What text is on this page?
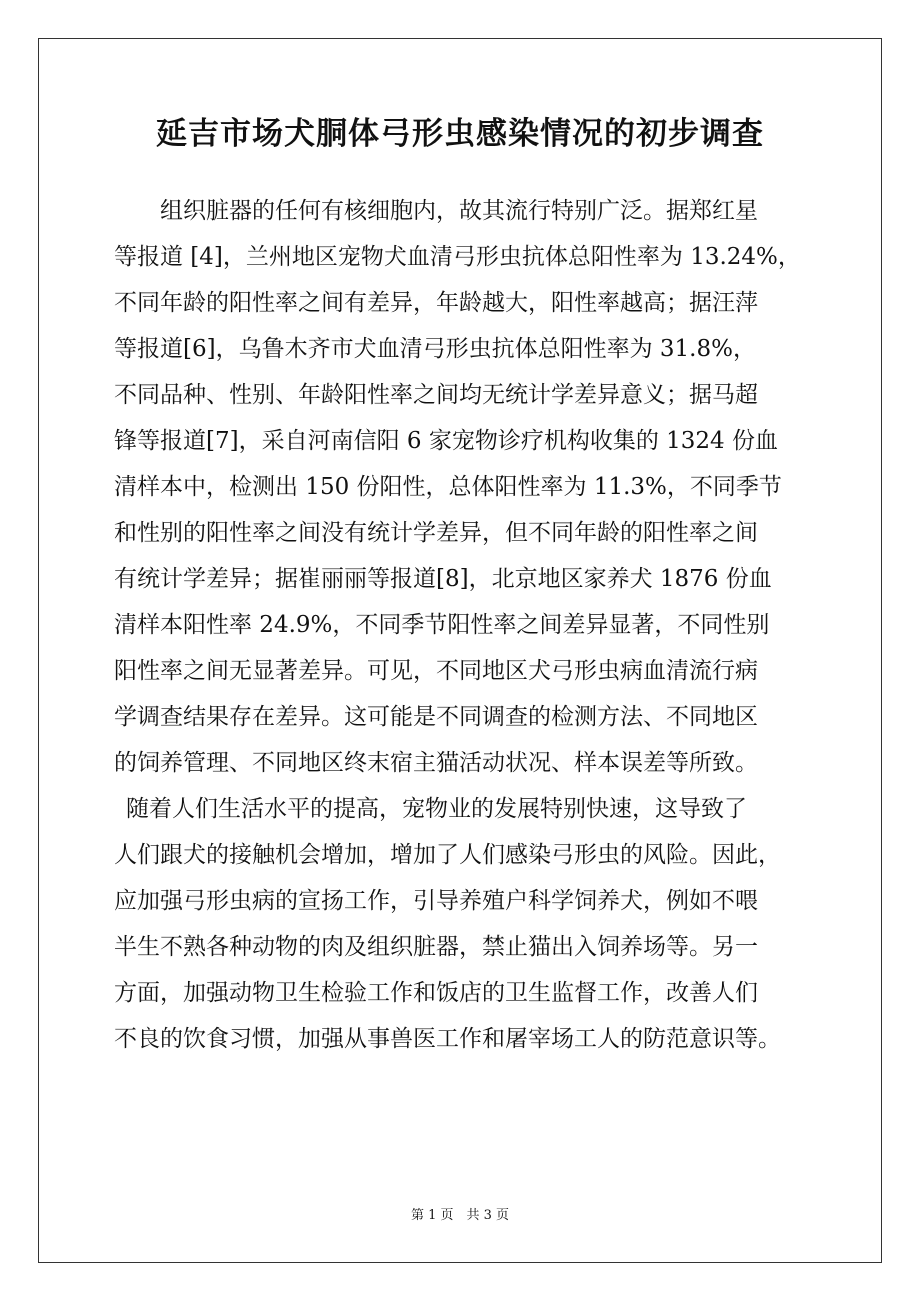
延吉市场犬胴体弓形虫感染情况的初步调查
组织脏器的任何有核细胞内，故其流行特别广泛。据郑红星
等报道 [4]，兰州地区宠物犬血清弓形虫抗体总阳性率为 13.24%，
不同年龄的阳性率之间有差异，年龄越大，阳性率越高；据汪萍
等报道[6]，乌鲁木齐市犬血清弓形虫抗体总阳性率为 31.8%，
不同品种、性别、年龄阳性率之间均无统计学差异意义；据马超
锋等报道[7]，采自河南信阳 6 家宠物诊疗机构收集的 1324 份血
清样本中，检测出 150 份阳性，总体阳性率为 11.3%，不同季节
和性别的阳性率之间没有统计学差异，但不同年龄的阳性率之间
有统计学差异；据崔丽丽等报道[8]，北京地区家养犬 1876 份血
清样本阳性率 24.9%，不同季节阳性率之间差异显著，不同性别
阳性率之间无显著差异。可见，不同地区犬弓形虫病血清流行病
学调查结果存在差异。这可能是不同调查的检测方法、不同地区
的饲养管理、不同地区终末宿主猫活动状况、样本误差等所致。
随着人们生活水平的提高，宠物业的发展特别快速，这导致了
人们跟犬的接触机会增加，增加了人们感染弓形虫的风险。因此，
应加强弓形虫病的宣扬工作，引导养殖户科学饲养犬，例如不喂
半生不熟各种动物的肉及组织脏器，禁止猫出入饲养场等。另一
方面，加强动物卫生检验工作和饭店的卫生监督工作，改善人们
不良的饮食习惯，加强从事兽医工作和屠宰场工人的防范意识等。
第 1 页　共 3 页
